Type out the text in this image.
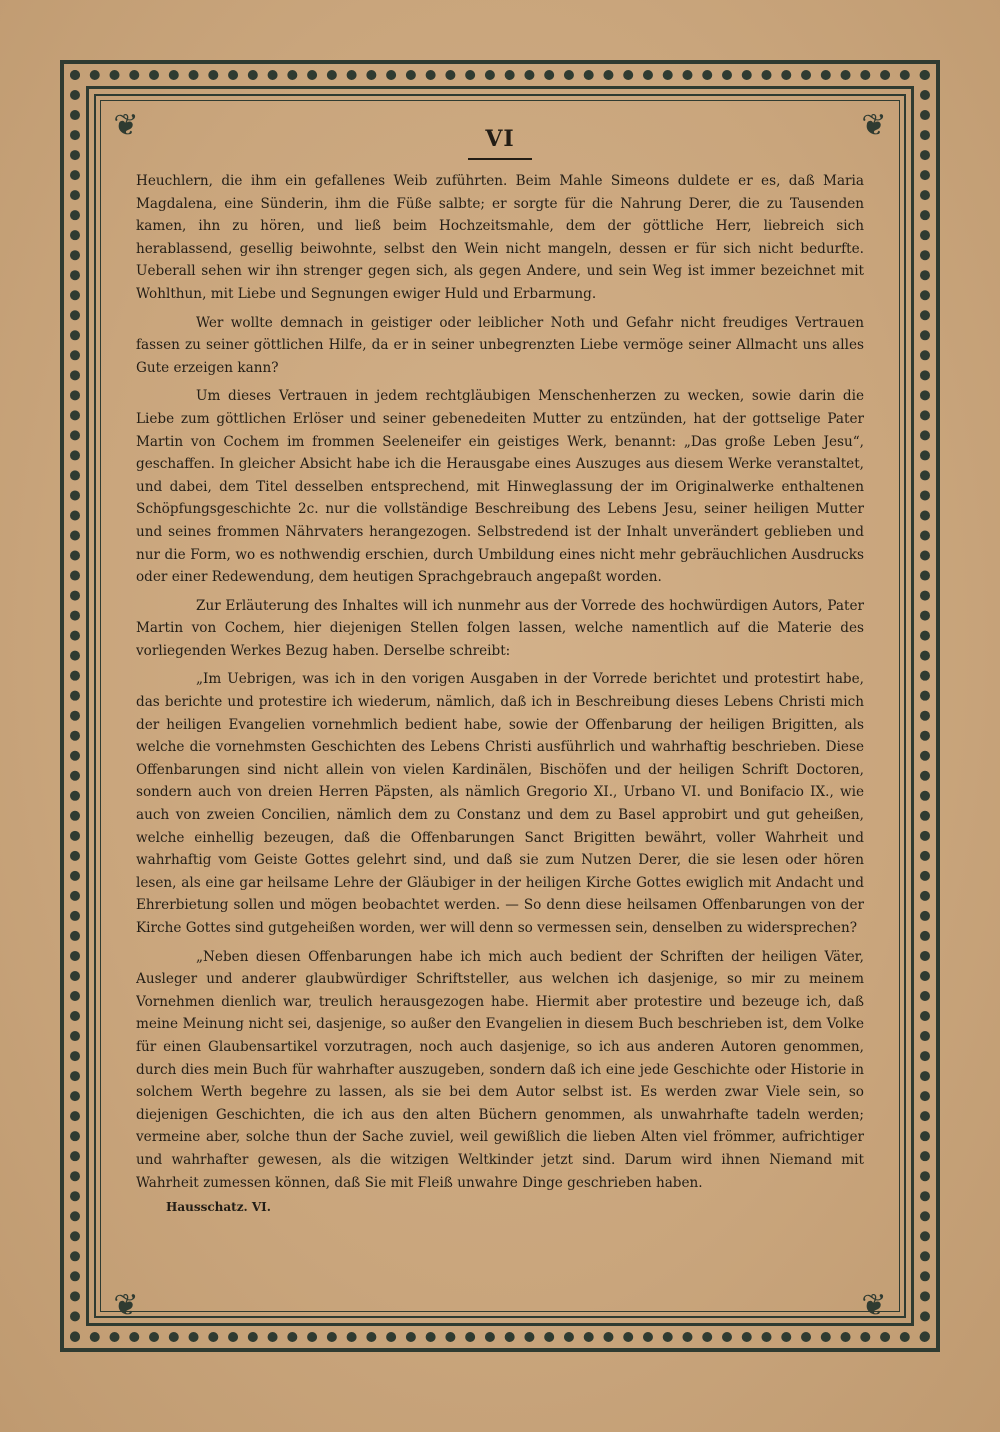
❦	❦
❦	❦
VI

Heuchlern, die ihm ein gefallenes Weib zuführten. Beim Mahle Simeons duldete er es, daß Maria Magdalena, eine Sünderin, ihm die Füße salbte; er sorgte für die Nahrung Derer, die zu Tausenden kamen, ihn zu hören, und ließ beim Hochzeitsmahle, dem der göttliche Herr, liebreich sich herablassend, gesellig beiwohnte, selbst den Wein nicht mangeln, dessen er für sich nicht bedurfte. Ueberall sehen wir ihn strenger gegen sich, als gegen Andere, und sein Weg ist immer bezeichnet mit Wohlthun, mit Liebe und Segnungen ewiger Huld und Erbarmung.

Wer wollte demnach in geistiger oder leiblicher Noth und Gefahr nicht freudiges Vertrauen fassen zu seiner göttlichen Hilfe, da er in seiner unbegrenzten Liebe vermöge seiner Allmacht uns alles Gute erzeigen kann?

Um dieses Vertrauen in jedem rechtgläubigen Menschenherzen zu wecken, sowie darin die Liebe zum göttlichen Erlöser und seiner gebenedeiten Mutter zu entzünden, hat der gottselige Pater Martin von Cochem im frommen Seeleneifer ein geistiges Werk, benannt: „Das große Leben Jesu“, geschaffen. In gleicher Absicht habe ich die Herausgabe eines Auszuges aus diesem Werke veranstaltet, und dabei, dem Titel desselben entsprechend, mit Hinweglassung der im Originalwerke enthaltenen Schöpfungsgeschichte 2c. nur die vollständige Beschreibung des Lebens Jesu, seiner heiligen Mutter und seines frommen Nährvaters herangezogen. Selbstredend ist der Inhalt unverändert geblieben und nur die Form, wo es nothwendig erschien, durch Umbildung eines nicht mehr gebräuchlichen Ausdrucks oder einer Redewendung, dem heutigen Sprachgebrauch angepaßt worden.

Zur Erläuterung des Inhaltes will ich nunmehr aus der Vorrede des hochwürdigen Autors, Pater Martin von Cochem, hier diejenigen Stellen folgen lassen, welche namentlich auf die Materie des vorliegenden Werkes Bezug haben. Derselbe schreibt:

„Im Uebrigen, was ich in den vorigen Ausgaben in der Vorrede berichtet und protestirt habe, das berichte und protestire ich wiederum, nämlich, daß ich in Beschreibung dieses Lebens Christi mich der heiligen Evangelien vornehmlich bedient habe, sowie der Offenbarung der heiligen Brigitten, als welche die vornehmsten Geschichten des Lebens Christi ausführlich und wahrhaftig beschrieben. Diese Offenbarungen sind nicht allein von vielen Kardinälen, Bischöfen und der heiligen Schrift Doctoren, sondern auch von dreien Herren Päpsten, als nämlich Gregorio XI., Urbano VI. und Bonifacio IX., wie auch von zweien Concilien, nämlich dem zu Constanz und dem zu Basel approbirt und gut geheißen, welche einhellig bezeugen, daß die Offenbarungen Sanct Brigitten bewährt, voller Wahrheit und wahrhaftig vom Geiste Gottes gelehrt sind, und daß sie zum Nutzen Derer, die sie lesen oder hören lesen, als eine gar heilsame Lehre der Gläubiger in der heiligen Kirche Gottes ewiglich mit Andacht und Ehrerbietung sollen und mögen beobachtet werden. — So denn diese heilsamen Offenbarungen von der Kirche Gottes sind gutgeheißen worden, wer will denn so vermessen sein, denselben zu widersprechen?

„Neben diesen Offenbarungen habe ich mich auch bedient der Schriften der heiligen Väter, Ausleger und anderer glaubwürdiger Schriftsteller, aus welchen ich dasjenige, so mir zu meinem Vornehmen dienlich war, treulich herausgezogen habe. Hiermit aber protestire und bezeuge ich, daß meine Meinung nicht sei, dasjenige, so außer den Evangelien in diesem Buch beschrieben ist, dem Volke für einen Glaubensartikel vorzutragen, noch auch dasjenige, so ich aus anderen Autoren genommen, durch dies mein Buch für wahrhafter auszugeben, sondern daß ich eine jede Geschichte oder Historie in solchem Werth begehre zu lassen, als sie bei dem Autor selbst ist. Es werden zwar Viele sein, so diejenigen Geschichten, die ich aus den alten Büchern genommen, als unwahrhafte tadeln werden; vermeine aber, solche thun der Sache zuviel, weil gewißlich die lieben Alten viel frömmer, aufrichtiger und wahrhafter gewesen, als die witzigen Weltkinder jetzt sind. Darum wird ihnen Niemand mit Wahrheit zumessen können, daß Sie mit Fleiß unwahre Dinge geschrieben haben.

Hausschatz. VI.
